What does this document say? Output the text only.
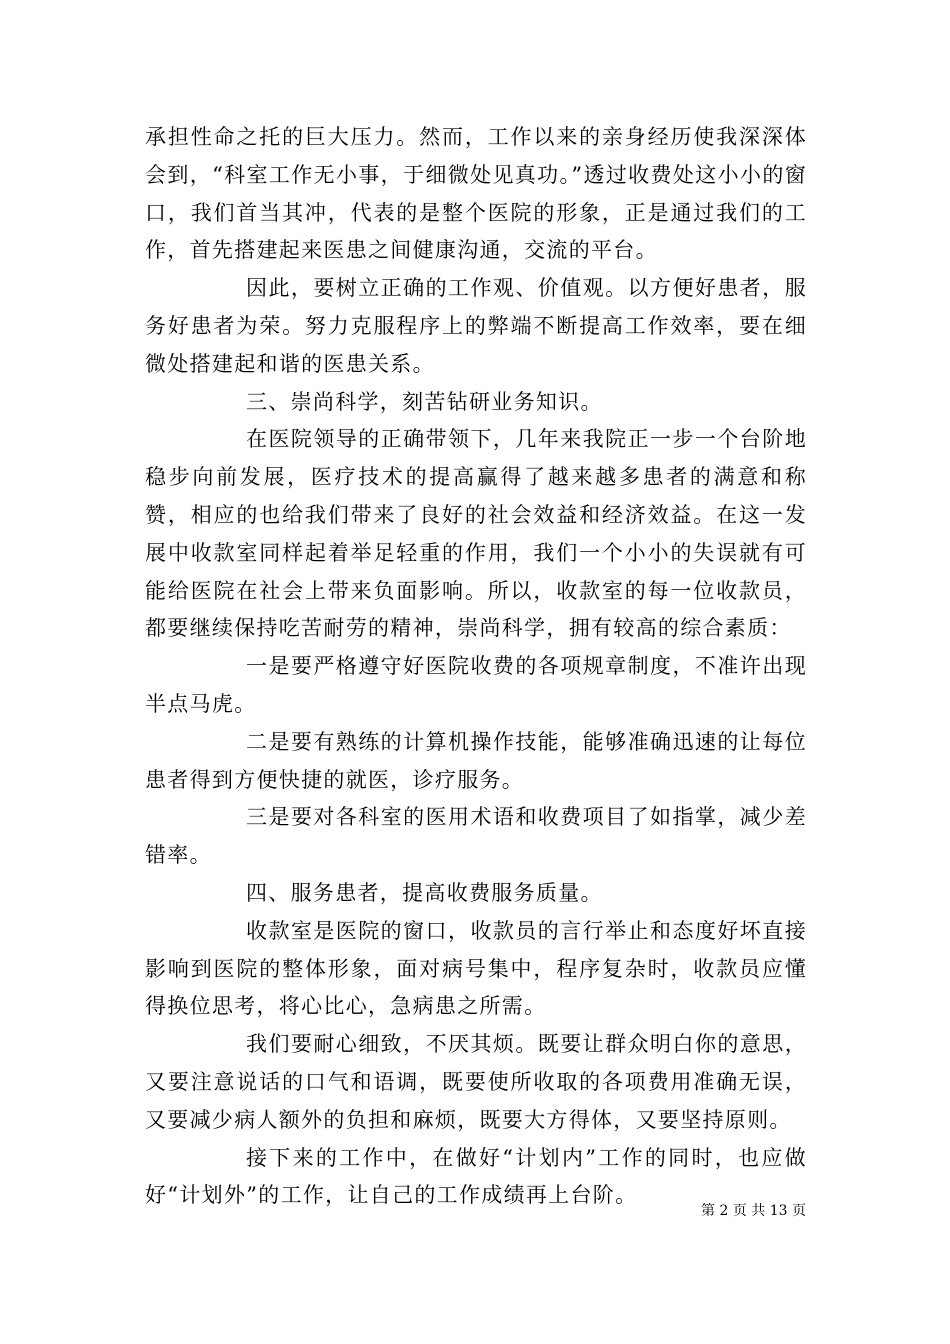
承担性命之托的巨大压力。然而，工作以来的亲身经历使我深深体会到，“科室工作无小事，于细微处见真功。”透过收费处这小小的窗口，我们首当其冲，代表的是整个医院的形象，正是通过我们的工作，首先搭建起来医患之间健康沟通，交流的平台。

因此，要树立正确的工作观、价值观。以方便好患者，服务好患者为荣。努力克服程序上的弊端不断提高工作效率，要在细微处搭建起和谐的医患关系。

三、崇尚科学，刻苦钻研业务知识。

在医院领导的正确带领下，几年来我院正一步一个台阶地稳步向前发展，医疗技术的提高赢得了越来越多患者的满意和称赞，相应的也给我们带来了良好的社会效益和经济效益。在这一发展中收款室同样起着举足轻重的作用，我们一个小小的失误就有可能给医院在社会上带来负面影响。所以，收款室的每一位收款员，都要继续保持吃苦耐劳的精神，崇尚科学，拥有较高的综合素质：

一是要严格遵守好医院收费的各项规章制度，不准许出现半点马虎。

二是要有熟练的计算机操作技能，能够准确迅速的让每位患者得到方便快捷的就医，诊疗服务。

三是要对各科室的医用术语和收费项目了如指掌，减少差错率。

四、服务患者，提高收费服务质量。

收款室是医院的窗口，收款员的言行举止和态度好坏直接影响到医院的整体形象，面对病号集中，程序复杂时，收款员应懂得换位思考，将心比心，急病患之所需。

我们要耐心细致，不厌其烦。既要让群众明白你的意思，又要注意说话的口气和语调，既要使所收取的各项费用准确无误，又要减少病人额外的负担和麻烦，既要大方得体，又要坚持原则。

接下来的工作中，在做好“计划内”工作的同时，也应做好“计划外”的工作，让自己的工作成绩再上台阶。

第 2 页 共 13 页
